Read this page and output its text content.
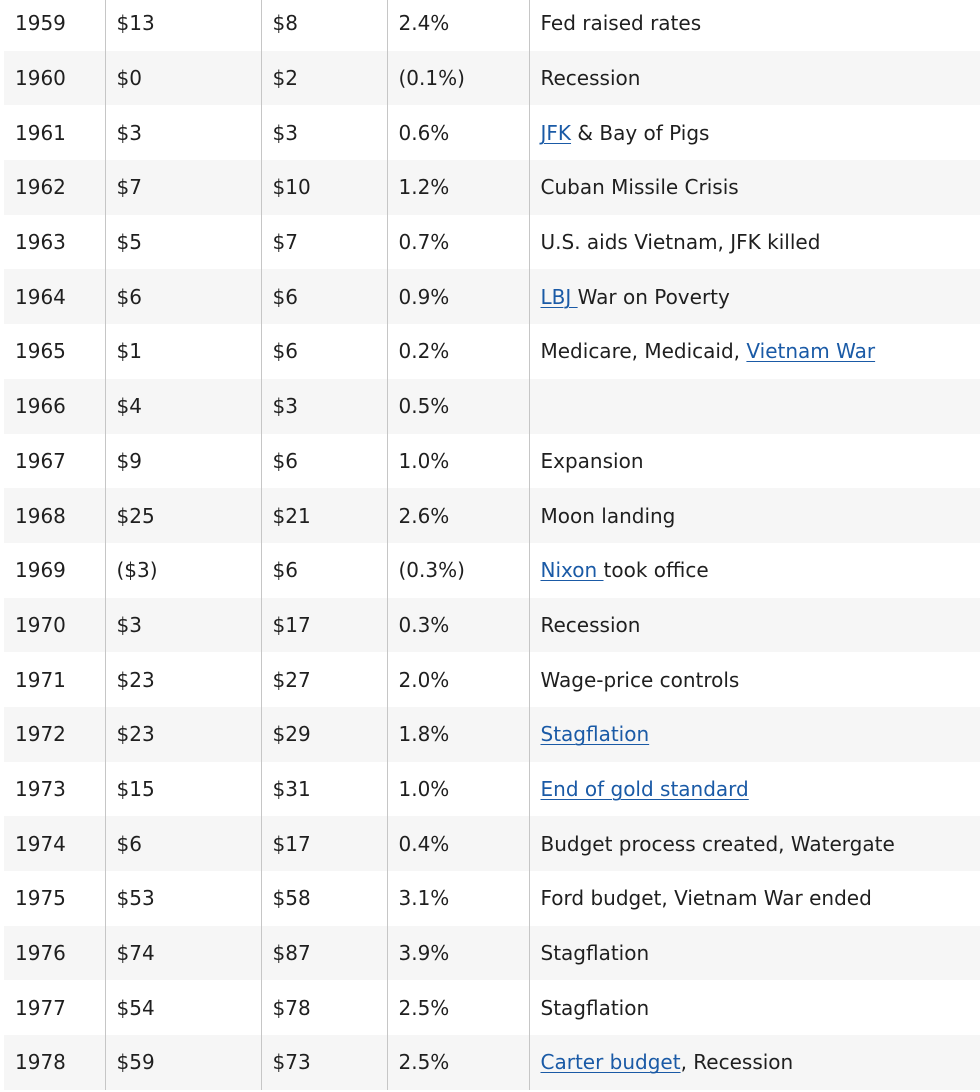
1959	$13	$8	2.4%	Fed raised rates
1960	$0	$2	(0.1%)	Recession
1961	$3	$3	0.6%	JFK & Bay of Pigs
1962	$7	$10	1.2%	Cuban Missile Crisis
1963	$5	$7	0.7%	U.S. aids Vietnam, JFK killed
1964	$6	$6	0.9%	LBJ War on Poverty
1965	$1	$6	0.2%	Medicare, Medicaid, Vietnam War
1966	$4	$3	0.5%	
1967	$9	$6	1.0%	Expansion
1968	$25	$21	2.6%	Moon landing
1969	($3)	$6	(0.3%)	Nixon took office
1970	$3	$17	0.3%	Recession
1971	$23	$27	2.0%	Wage-price controls
1972	$23	$29	1.8%	Stagflation
1973	$15	$31	1.0%	End of gold standard
1974	$6	$17	0.4%	Budget process created, Watergate
1975	$53	$58	3.1%	Ford budget, Vietnam War ended
1976	$74	$87	3.9%	Stagflation
1977	$54	$78	2.5%	Stagflation
1978	$59	$73	2.5%	Carter budget, Recession
